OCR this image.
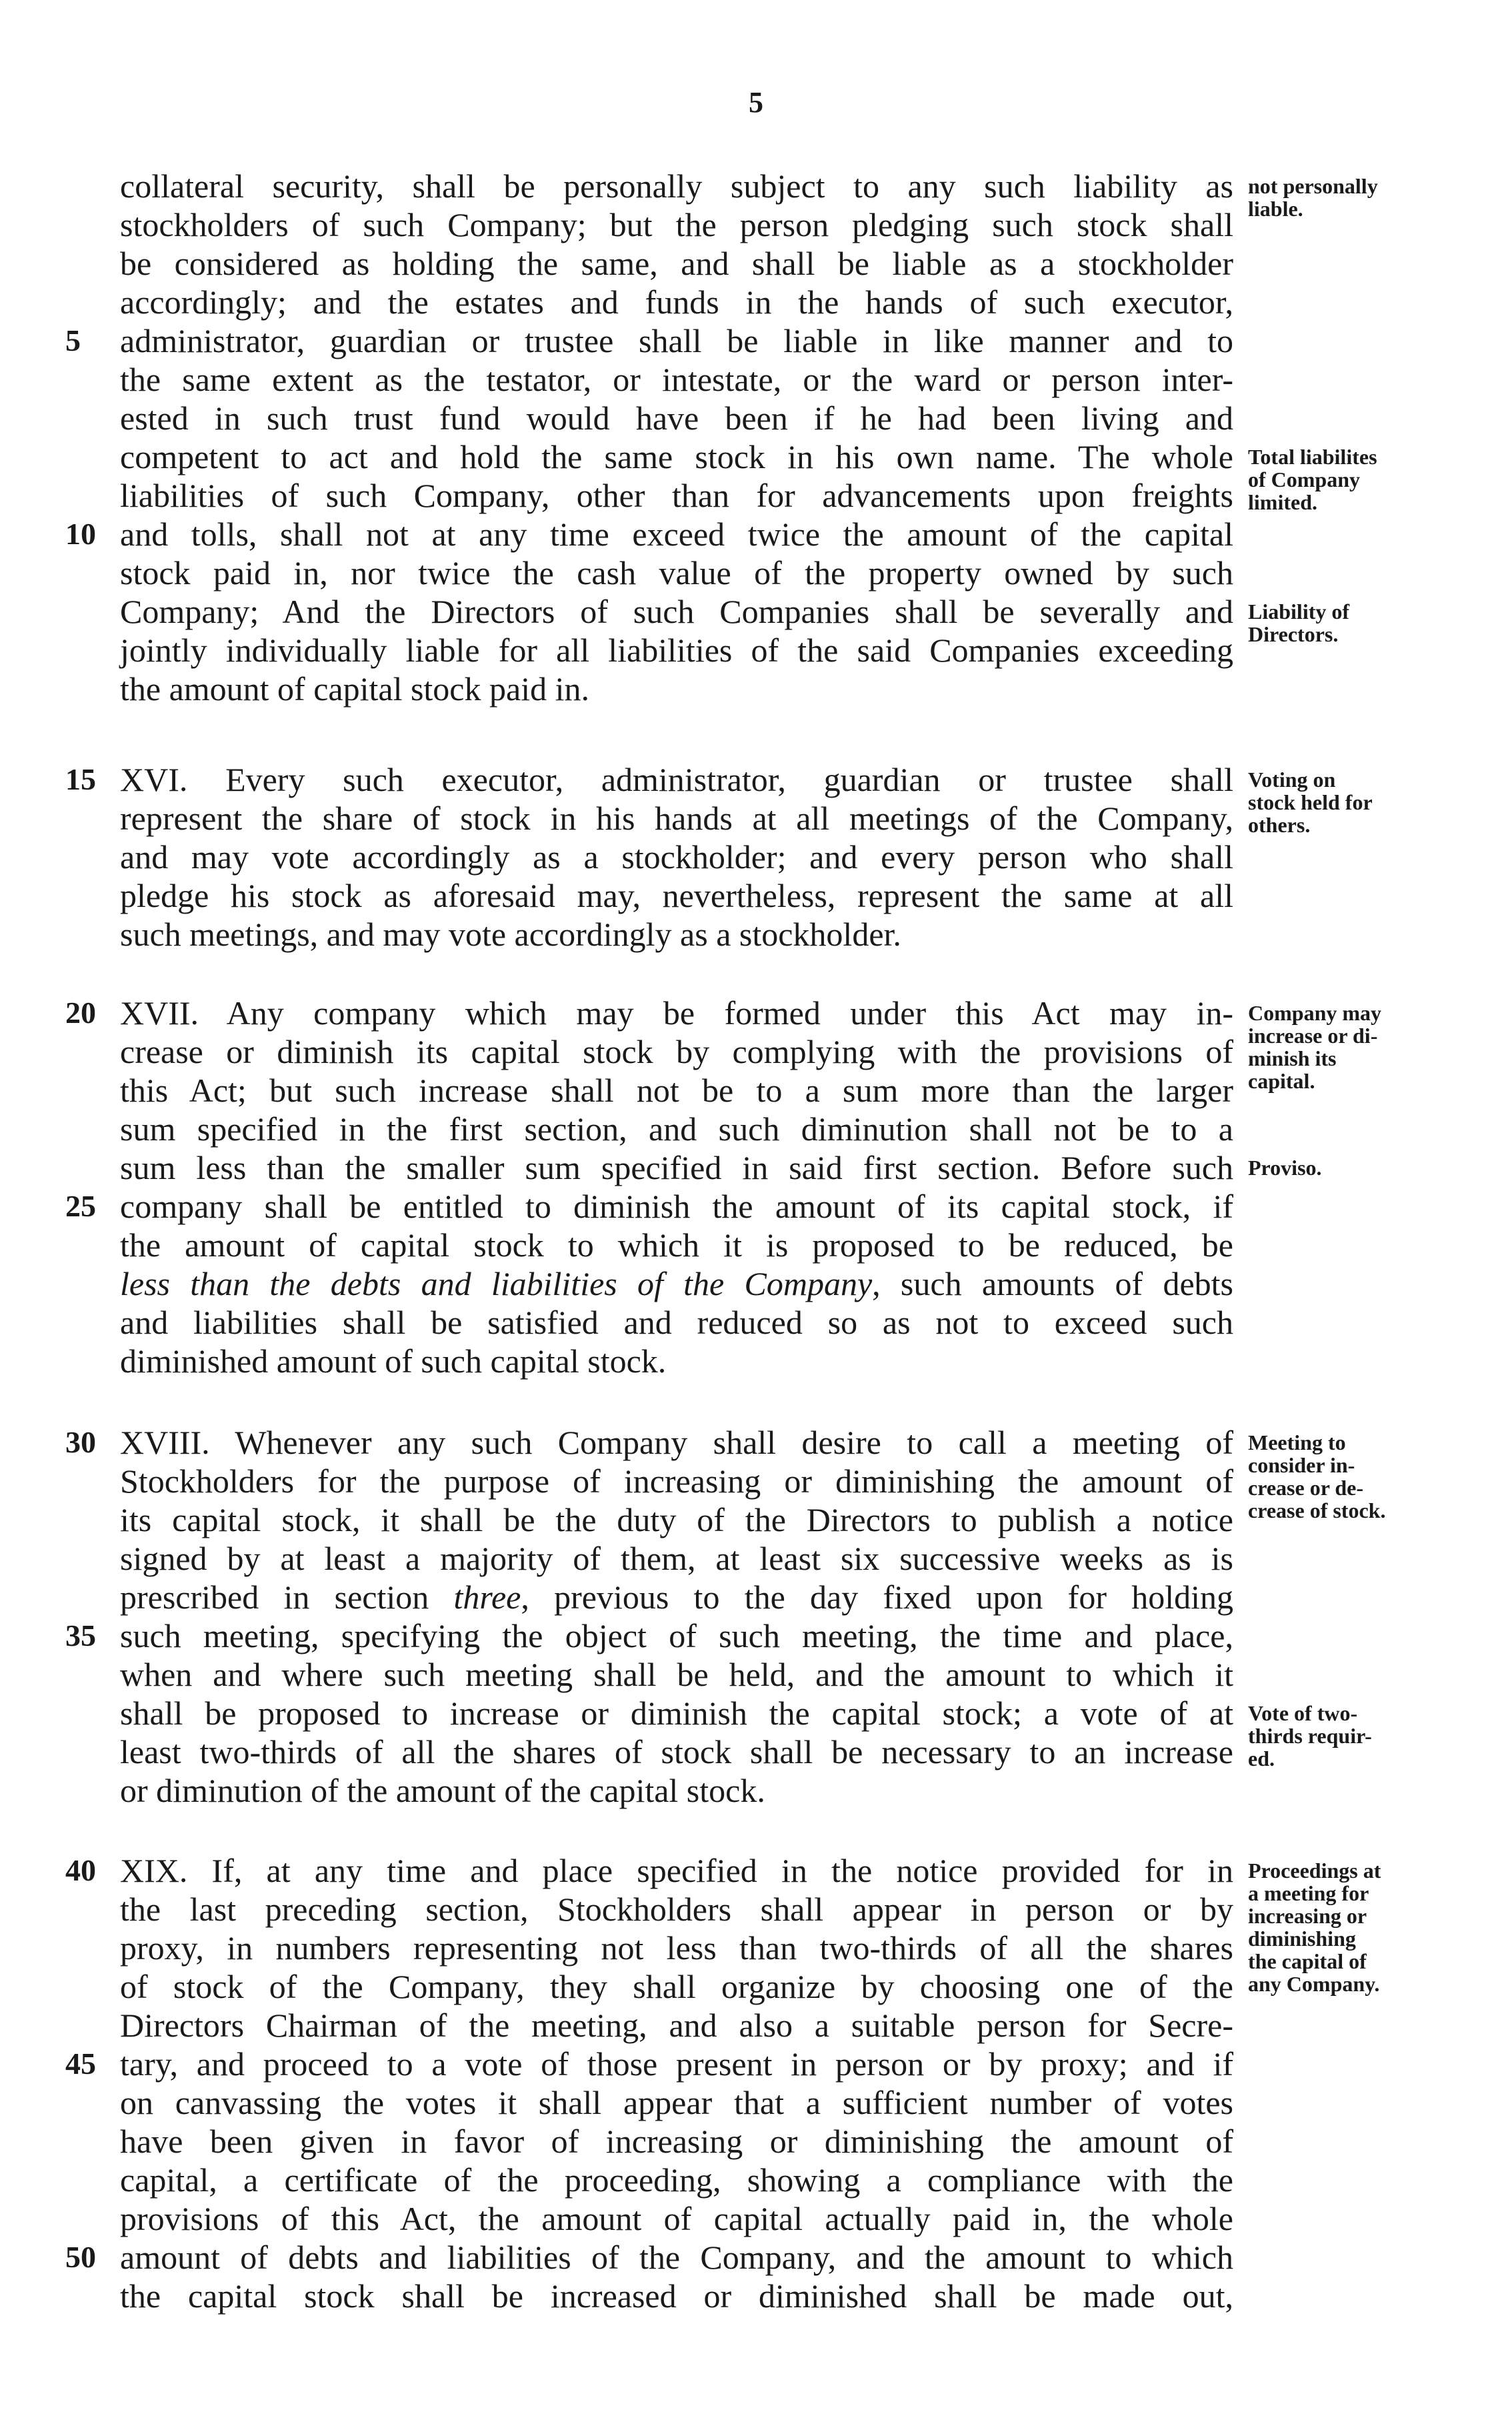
5
collateral security, shall be personally subject to any such liability as
stockholders of such Company; but the person pledging such stock shall
be considered as holding the same, and shall be liable as a stockholder
accordingly; and the estates and funds in the hands of such executor,
administrator, guardian or trustee shall be liable in like manner and to
the same extent as the testator, or intestate, or the ward or person inter-
ested in such trust fund would have been if he had been living and
competent to act and hold the same stock in his own name. The whole
liabilities of such Company, other than for advancements upon freights
and tolls, shall not at any time exceed twice the amount of the capital
stock paid in, nor twice the cash value of the property owned by such
Company; And the Directors of such Companies shall be severally and
jointly individually liable for all liabilities of the said Companies exceeding
the amount of capital stock paid in.
XVI. Every such executor, administrator, guardian or trustee shall
represent the share of stock in his hands at all meetings of the Company,
and may vote accordingly as a stockholder; and every person who shall
pledge his stock as aforesaid may, nevertheless, represent the same at all
such meetings, and may vote accordingly as a stockholder.
XVII. Any company which may be formed under this Act may in-
crease or diminish its capital stock by complying with the provisions of
this Act; but such increase shall not be to a sum more than the larger
sum specified in the first section, and such diminution shall not be to a
sum less than the smaller sum specified in said first section. Before such
company shall be entitled to diminish the amount of its capital stock, if
the amount of capital stock to which it is proposed to be reduced, be
less than the debts and liabilities of the Company, such amounts of debts
and liabilities shall be satisfied and reduced so as not to exceed such
diminished amount of such capital stock.
XVIII. Whenever any such Company shall desire to call a meeting of
Stockholders for the purpose of increasing or diminishing the amount of
its capital stock, it shall be the duty of the Directors to publish a notice
signed by at least a majority of them, at least six successive weeks as is
prescribed in section three, previous to the day fixed upon for holding
such meeting, specifying the object of such meeting, the time and place,
when and where such meeting shall be held, and the amount to which it
shall be proposed to increase or diminish the capital stock; a vote of at
least two-thirds of all the shares of stock shall be necessary to an increase
or diminution of the amount of the capital stock.
XIX. If, at any time and place specified in the notice provided for in
the last preceding section, Stockholders shall appear in person or by
proxy, in numbers representing not less than two-thirds of all the shares
of stock of the Company, they shall organize by choosing one of the
Directors Chairman of the meeting, and also a suitable person for Secre-
tary, and proceed to a vote of those present in person or by proxy; and if
on canvassing the votes it shall appear that a sufficient number of votes
have been given in favor of increasing or diminishing the amount of
capital, a certificate of the proceeding, showing a compliance with the
provisions of this Act, the amount of capital actually paid in, the whole
amount of debts and liabilities of the Company, and the amount to which
the capital stock shall be increased or diminished shall be made out,
5
10
15
20
25
30
35
40
45
50
not personally
liable.
Total liabilites
of Company
limited.
Liability of
Directors.
Voting on
stock held for
others.
Company may
increase or di-
minish its
capital.
Proviso.
Meeting to
consider in-
crease or de-
crease of stock.
Vote of two-
thirds requir-
ed.
Proceedings at
a meeting for
increasing or
diminishing
the capital of
any Company.
